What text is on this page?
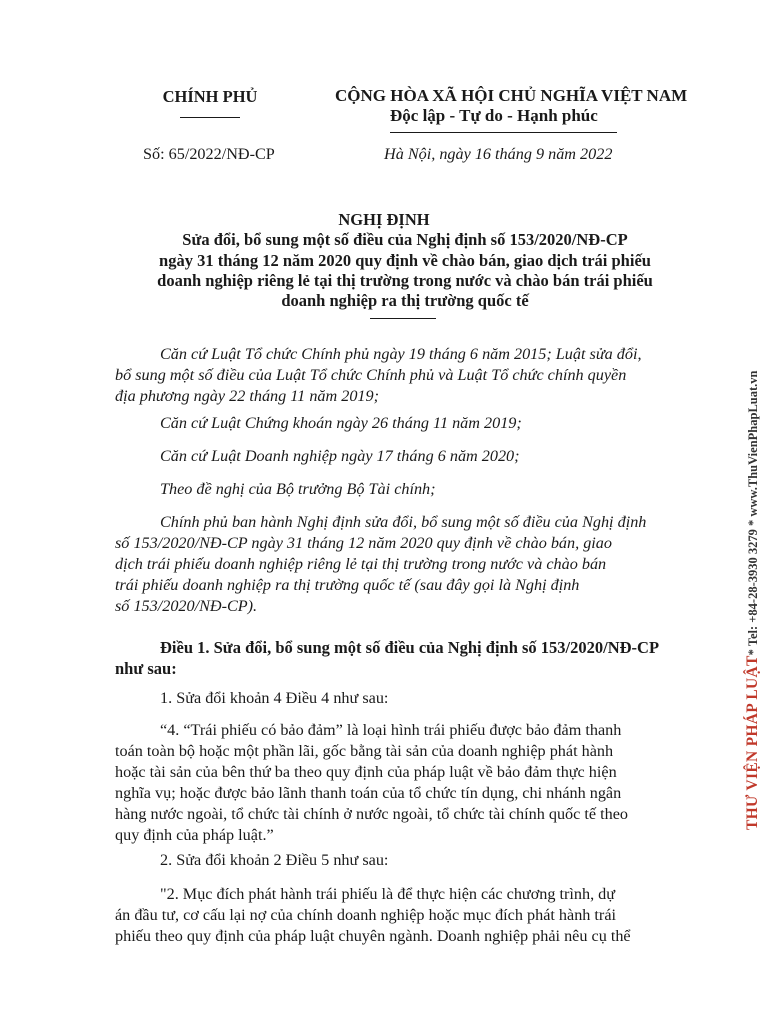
CHÍNH PHỦ
Số: 65/2022/NĐ-CP
CỘNG HÒA XÃ HỘI CHỦ NGHĨA VIỆT NAM
Độc lập - Tự do - Hạnh phúc
Hà Nội, ngày 16 tháng 9 năm 2022
NGHỊ ĐỊNH
Sửa đổi, bổ sung một số điều của Nghị định số 153/2020/NĐ-CP
ngày 31 tháng 12 năm 2020 quy định về chào bán, giao dịch trái phiếu
doanh nghiệp riêng lẻ tại thị trường trong nước và chào bán trái phiếu
doanh nghiệp ra thị trường quốc tế
Căn cứ Luật Tổ chức Chính phủ ngày 19 tháng 6 năm 2015; Luật sửa đổi,
bổ sung một số điều của Luật Tổ chức Chính phủ và Luật Tổ chức chính quyền
địa phương ngày 22 tháng 11 năm 2019;
Căn cứ Luật Chứng khoán ngày 26 tháng 11 năm 2019;
Căn cứ Luật Doanh nghiệp ngày 17 tháng 6 năm 2020;
Theo đề nghị của Bộ trưởng Bộ Tài chính;
Chính phủ ban hành Nghị định sửa đổi, bổ sung một số điều của Nghị định
số 153/2020/NĐ-CP ngày 31 tháng 12 năm 2020 quy định về chào bán, giao
dịch trái phiếu doanh nghiệp riêng lẻ tại thị trường trong nước và chào bán
trái phiếu doanh nghiệp ra thị trường quốc tế (sau đây gọi là Nghị định
số 153/2020/NĐ-CP).
Điều 1. Sửa đổi, bổ sung một số điều của Nghị định số 153/2020/NĐ-CP
như sau:
1. Sửa đổi khoản 4 Điều 4 như sau:
“4. “Trái phiếu có bảo đảm” là loại hình trái phiếu được bảo đảm thanh
toán toàn bộ hoặc một phần lãi, gốc bằng tài sản của doanh nghiệp phát hành
hoặc tài sản của bên thứ ba theo quy định của pháp luật về bảo đảm thực hiện
nghĩa vụ; hoặc được bảo lãnh thanh toán của tổ chức tín dụng, chi nhánh ngân
hàng nước ngoài, tổ chức tài chính ở nước ngoài, tổ chức tài chính quốc tế theo
quy định của pháp luật.”
2. Sửa đổi khoản 2 Điều 5 như sau:
"2. Mục đích phát hành trái phiếu là để thực hiện các chương trình, dự
án đầu tư, cơ cấu lại nợ của chính doanh nghiệp hoặc mục đích phát hành trái
phiếu theo quy định của pháp luật chuyên ngành. Doanh nghiệp phải nêu cụ thể
THƯ VIỆN PHÁP LUẬT* Tel: +84-28-3930 3279 * www.ThuVienPhapLuat.vn
